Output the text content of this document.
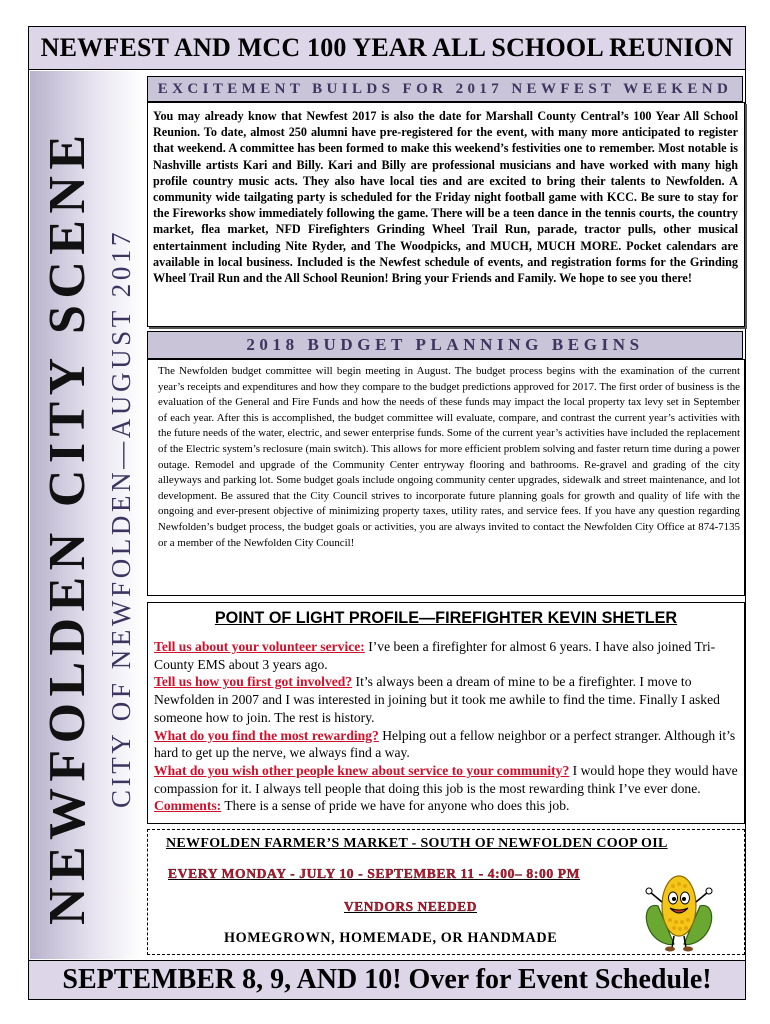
NEWFEST AND MCC 100 YEAR ALL SCHOOL REUNION
NEWFOLDEN CITY SCENE CITY OF NEWFOLDEN—AUGUST 2017
EXCITEMENT BUILDS FOR 2017 NEWFEST WEEKEND

You may already know that Newfest 2017 is also the date for Marshall County Central’s 100 Year All School Reunion. To date, almost 250 alumni have pre-registered for the event, with many more anticipated to register that weekend. A committee has been formed to make this weekend’s festivities one to remember. Most notable is Nashville artists Kari and Billy. Kari and Billy are professional musicians and have worked with many high profile country music acts. They also have local ties and are excited to bring their talents to Newfolden. A community wide tailgating party is scheduled for the Friday night football game with KCC. Be sure to stay for the Fireworks show immediately following the game. There will be a teen dance in the tennis courts, the country market, flea market, NFD Firefighters Grinding Wheel Trail Run, parade, tractor pulls, other musical entertainment including Nite Ryder, and The Woodpicks, and MUCH, MUCH MORE. Pocket calendars are available in local business. Included is the Newfest schedule of events, and registration forms for the Grinding Wheel Trail Run and the All School Reunion! Bring your Friends and Family. We hope to see you there!

2018 BUDGET PLANNING BEGINS

The Newfolden budget committee will begin meeting in August. The budget process begins with the examination of the current year’s receipts and expenditures and how they compare to the budget predictions approved for 2017. The first order of business is the evaluation of the General and Fire Funds and how the needs of these funds may impact the local property tax levy set in September of each year. After this is accomplished, the budget committee will evaluate, compare, and contrast the current year’s activities with the future needs of the water, electric, and sewer enterprise funds. Some of the current year’s activities have included the replacement of the Electric system’s reclosure (main switch). This allows for more efficient problem solving and faster return time during a power outage. Remodel and upgrade of the Community Center entryway flooring and bathrooms. Re-gravel and grading of the city alleyways and parking lot. Some budget goals include ongoing community center upgrades, sidewalk and street maintenance, and lot development. Be assured that the City Council strives to incorporate future planning goals for growth and quality of life with the ongoing and ever-present objective of minimizing property taxes, utility rates, and service fees. If you have any question regarding Newfolden’s budget process, the budget goals or activities, you are always invited to contact the Newfolden City Office at 874-7135 or a member of the Newfolden City Council!

POINT OF LIGHT PROFILE—FIREFIGHTER KEVIN SHETLER
Tell us about your volunteer service: I’ve been a firefighter for almost 6 years. I have also joined Tri-County EMS about 3 years ago.
Tell us how you first got involved? It’s always been a dream of mine to be a firefighter. I move to Newfolden in 2007 and I was interested in joining but it took me awhile to find the time. Finally I asked someone how to join. The rest is history.
What do you find the most rewarding? Helping out a fellow neighbor or a perfect stranger. Although it’s hard to get up the nerve, we always find a way.
What do you wish other people knew about service to your community? I would hope they would have compassion for it. I always tell people that doing this job is the most rewarding think I’ve ever done.
Comments: There is a sense of pride we have for anyone who does this job.
NEWFOLDEN FARMER’S MARKET - SOUTH OF NEWFOLDEN COOP OIL
EVERY MONDAY - JULY 10 - SEPTEMBER 11 - 4:00– 8:00 PM
VENDORS NEEDED
HOMEGROWN, HOMEMADE, OR HANDMADE
SEPTEMBER 8, 9, AND 10! Over for Event Schedule!
